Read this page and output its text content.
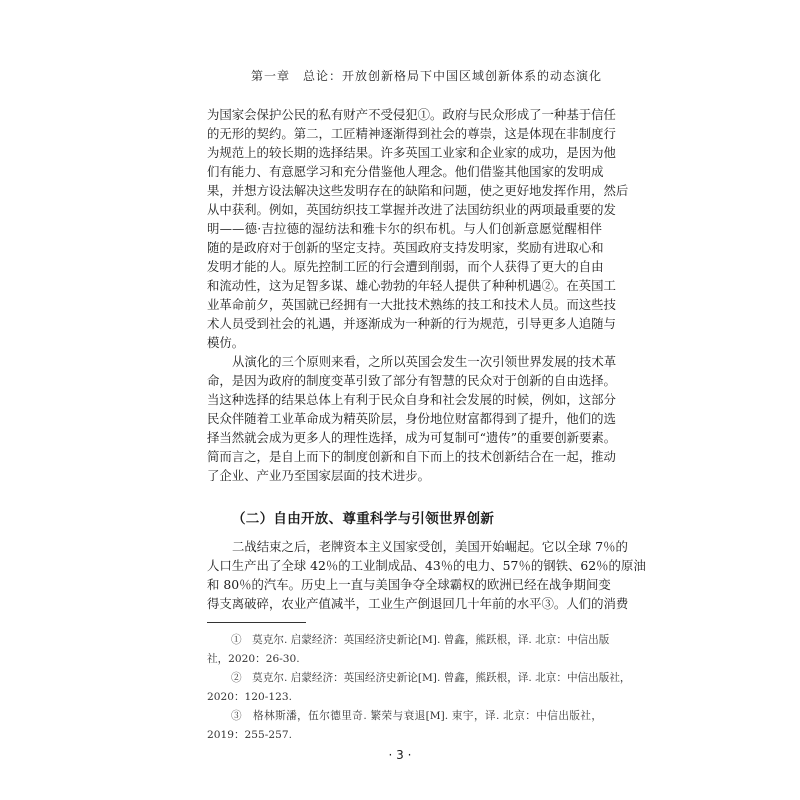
第一章　总论：开放创新格局下中国区域创新体系的动态演化
为国家会保护公民的私有财产不受侵犯①。政府与民众形成了一种基于信任
的无形的契约。第二，工匠精神逐渐得到社会的尊崇，这是体现在非制度行
为规范上的较长期的选择结果。许多英国工业家和企业家的成功，是因为他
们有能力、有意愿学习和充分借鉴他人理念。他们借鉴其他国家的发明成
果，并想方设法解决这些发明存在的缺陷和问题，使之更好地发挥作用，然后
从中获利。例如，英国纺织技工掌握并改进了法国纺织业的两项最重要的发
明——德·吉拉德的湿纺法和雅卡尔的织布机。与人们创新意愿觉醒相伴
随的是政府对于创新的坚定支持。英国政府支持发明家，奖励有进取心和
发明才能的人。原先控制工匠的行会遭到削弱，而个人获得了更大的自由
和流动性，这为足智多谋、雄心勃勃的年轻人提供了种种机遇②。在英国工
业革命前夕，英国就已经拥有一大批技术熟练的技工和技术人员。而这些技
术人员受到社会的礼遇，并逐渐成为一种新的行为规范，引导更多人追随与
模仿。
从演化的三个原则来看，之所以英国会发生一次引领世界发展的技术革
命，是因为政府的制度变革引致了部分有智慧的民众对于创新的自由选择。
当这种选择的结果总体上有利于民众自身和社会发展的时候，例如，这部分
民众伴随着工业革命成为精英阶层，身份地位财富都得到了提升，他们的选
择当然就会成为更多人的理性选择，成为可复制可“遗传”的重要创新要素。
简而言之，是自上而下的制度创新和自下而上的技术创新结合在一起，推动
了企业、产业乃至国家层面的技术进步。
（二）自由开放、尊重科学与引领世界创新
二战结束之后，老牌资本主义国家受创，美国开始崛起。它以全球 7％的
人口生产出了全球 42％的工业制成品、43％的电力、57％的钢铁、62％的原油
和 80％的汽车。历史上一直与美国争夺全球霸权的欧洲已经在战争期间变
得支离破碎，农业产值减半，工业生产倒退回几十年前的水平③。人们的消费
①　莫克尔. 启蒙经济：英国经济史新论[M]. 曾鑫，熊跃根，译. 北京：中信出版
社，2020：26-30.
②　莫克尔. 启蒙经济：英国经济史新论[M]. 曾鑫，熊跃根，译. 北京：中信出版社，
2020：120-123.
③　格林斯潘，伍尔德里奇. 繁荣与衰退[M]. 束宇，译. 北京：中信出版社，
2019：255-257.
· 3 ·
